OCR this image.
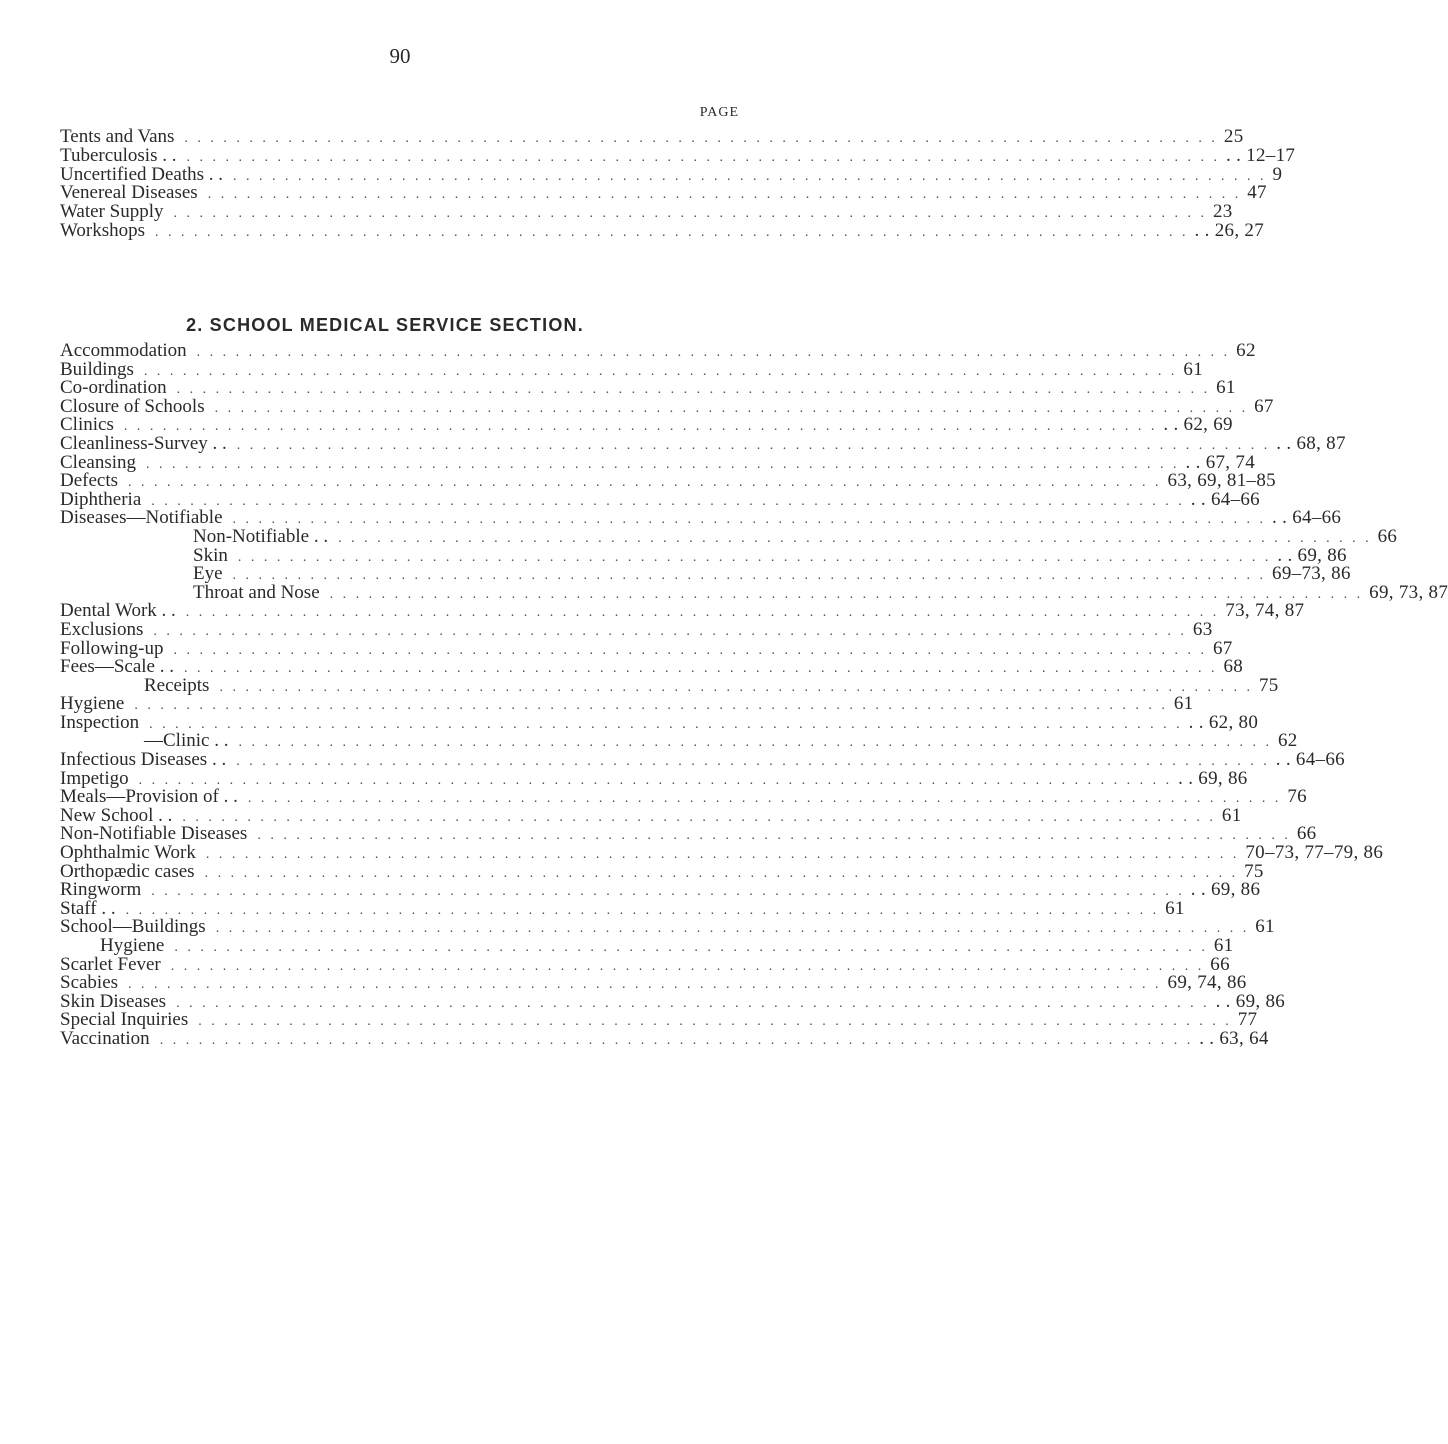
90
PAGE
Tents and Vans . . . . . . . . . . . . . . . . . . . . . . . . . . . . . . . . . . . . . . . . . . . . . . . . . . . . . . . . . . . . . . . . . . . . . . . . . . . . . . . . 25
Tuberculosis . . . . . . . . . . . . . . . . . . . . . . . . . . . . . . . . . . . . . . . . . . . . . . . . . . . . . . . . . . . . . . . . . . . . . . . . . . . . . . . . . . . . 12–17
Uncertified Deaths . . . . . . . . . . . . . . . . . . . . . . . . . . . . . . . . . . . . . . . . . . . . . . . . . . . . . . . . . . . . . . . . . . . . . . . . . . . . . . . . . . 9
Venereal Diseases . . . . . . . . . . . . . . . . . . . . . . . . . . . . . . . . . . . . . . . . . . . . . . . . . . . . . . . . . . . . . . . . . . . . . . . . . . . . . . . . 47
Water Supply . . . . . . . . . . . . . . . . . . . . . . . . . . . . . . . . . . . . . . . . . . . . . . . . . . . . . . . . . . . . . . . . . . . . . . . . . . . . . . . . 23
Workshops . . . . . . . . . . . . . . . . . . . . . . . . . . . . . . . . . . . . . . . . . . . . . . . . . . . . . . . . . . . . . . . . . . . . . . . . . . . . . . . . . . 26, 27
2. SCHOOL MEDICAL SERVICE SECTION.
Accommodation . . . . . . . . . . . . . . . . . . . . . . . . . . . . . . . . . . . . . . . . . . . . . . . . . . . . . . . . . . . . . . . . . . . . . . . . . . . . . . . . 62
Buildings . . . . . . . . . . . . . . . . . . . . . . . . . . . . . . . . . . . . . . . . . . . . . . . . . . . . . . . . . . . . . . . . . . . . . . . . . . . . . . . . 61
Co-ordination . . . . . . . . . . . . . . . . . . . . . . . . . . . . . . . . . . . . . . . . . . . . . . . . . . . . . . . . . . . . . . . . . . . . . . . . . . . . . . . . 61
Closure of Schools . . . . . . . . . . . . . . . . . . . . . . . . . . . . . . . . . . . . . . . . . . . . . . . . . . . . . . . . . . . . . . . . . . . . . . . . . . . . . . . . 67
Clinics . . . . . . . . . . . . . . . . . . . . . . . . . . . . . . . . . . . . . . . . . . . . . . . . . . . . . . . . . . . . . . . . . . . . . . . . . . . . . . . . . . 62, 69
Cleanliness-Survey . . . . . . . . . . . . . . . . . . . . . . . . . . . . . . . . . . . . . . . . . . . . . . . . . . . . . . . . . . . . . . . . . . . . . . . . . . . . . . . . . . . . 68, 87
Cleansing . . . . . . . . . . . . . . . . . . . . . . . . . . . . . . . . . . . . . . . . . . . . . . . . . . . . . . . . . . . . . . . . . . . . . . . . . . . . . . . . . . 67, 74
Defects . . . . . . . . . . . . . . . . . . . . . . . . . . . . . . . . . . . . . . . . . . . . . . . . . . . . . . . . . . . . . . . . . . . . . . . . . . . . . . . . 63, 69, 81–85
Diphtheria . . . . . . . . . . . . . . . . . . . . . . . . . . . . . . . . . . . . . . . . . . . . . . . . . . . . . . . . . . . . . . . . . . . . . . . . . . . . . . . . . . 64–66
Diseases—Notifiable . . . . . . . . . . . . . . . . . . . . . . . . . . . . . . . . . . . . . . . . . . . . . . . . . . . . . . . . . . . . . . . . . . . . . . . . . . . . . . . . . . 64–66
Non-Notifiable . . . . . . . . . . . . . . . . . . . . . . . . . . . . . . . . . . . . . . . . . . . . . . . . . . . . . . . . . . . . . . . . . . . . . . . . . . . . . . . . . . 66
Skin . . . . . . . . . . . . . . . . . . . . . . . . . . . . . . . . . . . . . . . . . . . . . . . . . . . . . . . . . . . . . . . . . . . . . . . . . . . . . . . . . . 69, 86
Eye . . . . . . . . . . . . . . . . . . . . . . . . . . . . . . . . . . . . . . . . . . . . . . . . . . . . . . . . . . . . . . . . . . . . . . . . . . . . . . . . 69–73, 86
Throat and Nose . . . . . . . . . . . . . . . . . . . . . . . . . . . . . . . . . . . . . . . . . . . . . . . . . . . . . . . . . . . . . . . . . . . . . . . . . . . . . . . . 69, 73, 87
Dental Work . . . . . . . . . . . . . . . . . . . . . . . . . . . . . . . . . . . . . . . . . . . . . . . . . . . . . . . . . . . . . . . . . . . . . . . . . . . . . . . . . . 73, 74, 87
Exclusions . . . . . . . . . . . . . . . . . . . . . . . . . . . . . . . . . . . . . . . . . . . . . . . . . . . . . . . . . . . . . . . . . . . . . . . . . . . . . . . . 63
Following-up . . . . . . . . . . . . . . . . . . . . . . . . . . . . . . . . . . . . . . . . . . . . . . . . . . . . . . . . . . . . . . . . . . . . . . . . . . . . . . . . 67
Fees—Scale . . . . . . . . . . . . . . . . . . . . . . . . . . . . . . . . . . . . . . . . . . . . . . . . . . . . . . . . . . . . . . . . . . . . . . . . . . . . . . . . . . 68
Receipts . . . . . . . . . . . . . . . . . . . . . . . . . . . . . . . . . . . . . . . . . . . . . . . . . . . . . . . . . . . . . . . . . . . . . . . . . . . . . . . . 75
Hygiene . . . . . . . . . . . . . . . . . . . . . . . . . . . . . . . . . . . . . . . . . . . . . . . . . . . . . . . . . . . . . . . . . . . . . . . . . . . . . . . . 61
Inspection . . . . . . . . . . . . . . . . . . . . . . . . . . . . . . . . . . . . . . . . . . . . . . . . . . . . . . . . . . . . . . . . . . . . . . . . . . . . . . . . . . 62, 80
—Clinic . . . . . . . . . . . . . . . . . . . . . . . . . . . . . . . . . . . . . . . . . . . . . . . . . . . . . . . . . . . . . . . . . . . . . . . . . . . . . . . . . . 62
Infectious Diseases . . . . . . . . . . . . . . . . . . . . . . . . . . . . . . . . . . . . . . . . . . . . . . . . . . . . . . . . . . . . . . . . . . . . . . . . . . . . . . . . . . . . 64–66
Impetigo . . . . . . . . . . . . . . . . . . . . . . . . . . . . . . . . . . . . . . . . . . . . . . . . . . . . . . . . . . . . . . . . . . . . . . . . . . . . . . . . . . 69, 86
Meals—Provision of . . . . . . . . . . . . . . . . . . . . . . . . . . . . . . . . . . . . . . . . . . . . . . . . . . . . . . . . . . . . . . . . . . . . . . . . . . . . . . . . . . 76
New School . . . . . . . . . . . . . . . . . . . . . . . . . . . . . . . . . . . . . . . . . . . . . . . . . . . . . . . . . . . . . . . . . . . . . . . . . . . . . . . . . . 61
Non-Notifiable Diseases . . . . . . . . . . . . . . . . . . . . . . . . . . . . . . . . . . . . . . . . . . . . . . . . . . . . . . . . . . . . . . . . . . . . . . . . . . . . . . . . 66
Ophthalmic Work . . . . . . . . . . . . . . . . . . . . . . . . . . . . . . . . . . . . . . . . . . . . . . . . . . . . . . . . . . . . . . . . . . . . . . . . . . . . . . . . 70–73, 77–79, 86
Orthopædic cases . . . . . . . . . . . . . . . . . . . . . . . . . . . . . . . . . . . . . . . . . . . . . . . . . . . . . . . . . . . . . . . . . . . . . . . . . . . . . . . . 75
Ringworm . . . . . . . . . . . . . . . . . . . . . . . . . . . . . . . . . . . . . . . . . . . . . . . . . . . . . . . . . . . . . . . . . . . . . . . . . . . . . . . . . . 69, 86
Staff . . . . . . . . . . . . . . . . . . . . . . . . . . . . . . . . . . . . . . . . . . . . . . . . . . . . . . . . . . . . . . . . . . . . . . . . . . . . . . . . . . 61
School—Buildings . . . . . . . . . . . . . . . . . . . . . . . . . . . . . . . . . . . . . . . . . . . . . . . . . . . . . . . . . . . . . . . . . . . . . . . . . . . . . . . . 61
Hygiene . . . . . . . . . . . . . . . . . . . . . . . . . . . . . . . . . . . . . . . . . . . . . . . . . . . . . . . . . . . . . . . . . . . . . . . . . . . . . . . . 61
Scarlet Fever . . . . . . . . . . . . . . . . . . . . . . . . . . . . . . . . . . . . . . . . . . . . . . . . . . . . . . . . . . . . . . . . . . . . . . . . . . . . . . . . 66
Scabies . . . . . . . . . . . . . . . . . . . . . . . . . . . . . . . . . . . . . . . . . . . . . . . . . . . . . . . . . . . . . . . . . . . . . . . . . . . . . . . . 69, 74, 86
Skin Diseases . . . . . . . . . . . . . . . . . . . . . . . . . . . . . . . . . . . . . . . . . . . . . . . . . . . . . . . . . . . . . . . . . . . . . . . . . . . . . . . . . . 69, 86
Special Inquiries . . . . . . . . . . . . . . . . . . . . . . . . . . . . . . . . . . . . . . . . . . . . . . . . . . . . . . . . . . . . . . . . . . . . . . . . . . . . . . . . 77
Vaccination . . . . . . . . . . . . . . . . . . . . . . . . . . . . . . . . . . . . . . . . . . . . . . . . . . . . . . . . . . . . . . . . . . . . . . . . . . . . . . . . . . 63, 64
